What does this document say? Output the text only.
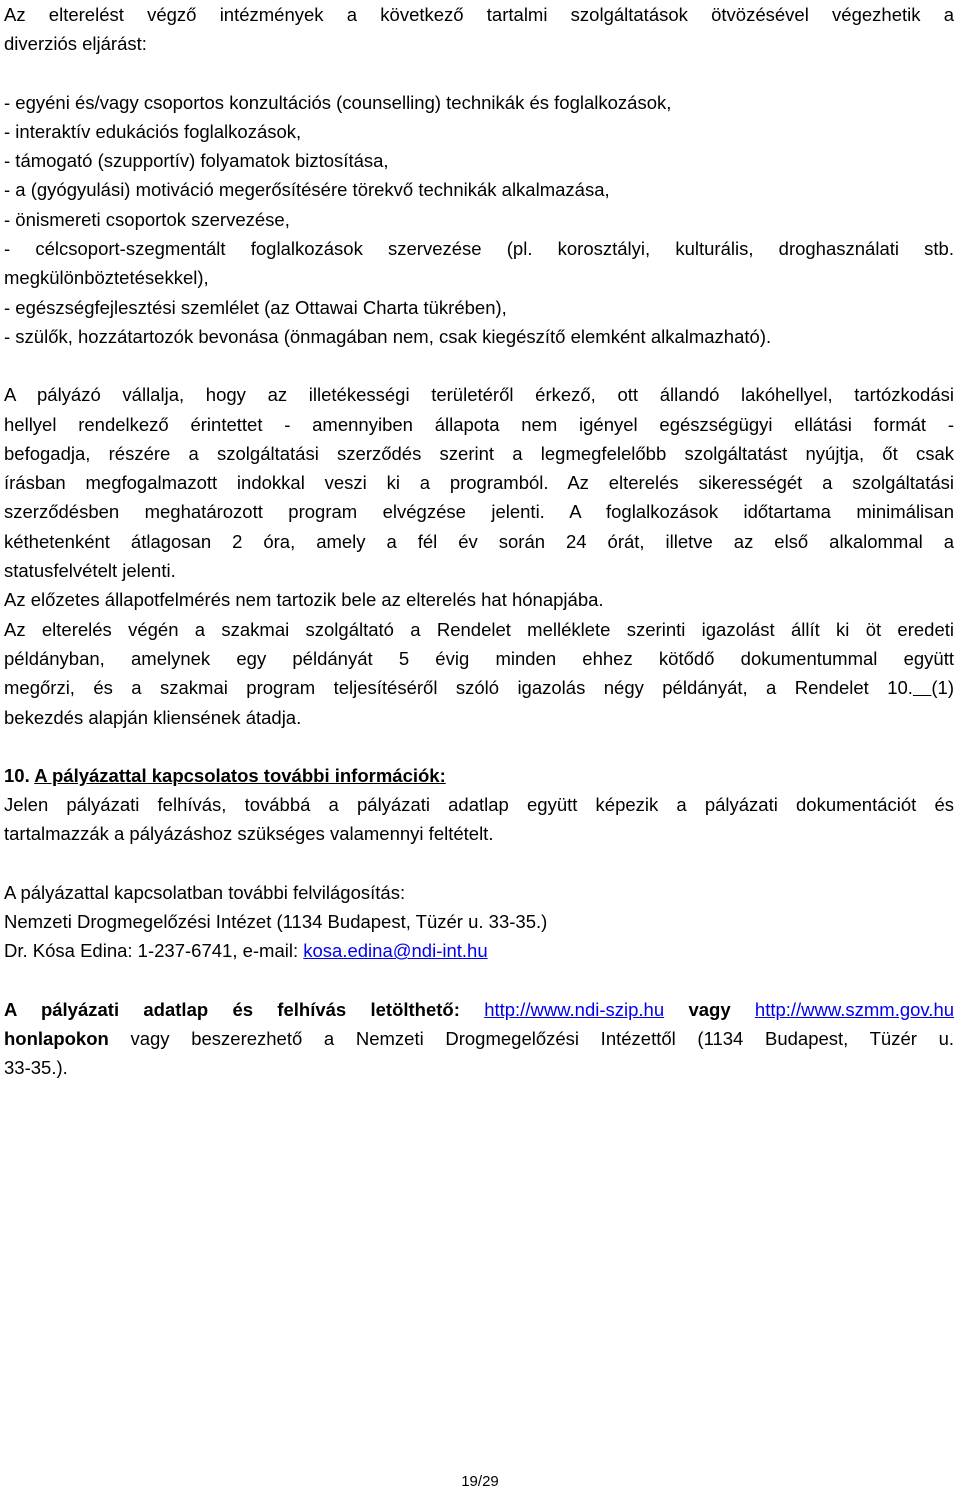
Az elterelést végző intézmények a következő tartalmi szolgáltatások ötvözésével végezhetik a
diverziós eljárást:
- egyéni és/vagy csoportos konzultációs (counselling) technikák és foglalkozások,
- interaktív edukációs foglalkozások,
- támogató (szupportív) folyamatok biztosítása,
- a (gyógyulási) motiváció megerősítésére törekvő technikák alkalmazása,
- önismereti csoportok szervezése,
- célcsoport-szegmentált foglalkozások szervezése (pl. korosztályi, kulturális, droghasználati stb.
megkülönböztetésekkel),
- egészségfejlesztési szemlélet (az Ottawai Charta tükrében),
- szülők, hozzátartozók bevonása (önmagában nem, csak kiegészítő elemként alkalmazható).
A pályázó vállalja, hogy az illetékességi területéről érkező, ott állandó lakóhellyel, tartózkodási
hellyel rendelkező érintettet - amennyiben állapota nem igényel egészségügyi ellátási formát -
befogadja, részére a szolgáltatási szerződés szerint a legmegfelelőbb szolgáltatást nyújtja, őt csak
írásban megfogalmazott indokkal veszi ki a programból. Az elterelés sikerességét a szolgáltatási
szerződésben meghatározott program elvégzése jelenti. A foglalkozások időtartama minimálisan
kéthetenként átlagosan 2 óra, amely a fél év során 24 órát, illetve az első alkalommal a
statusfelvételt jelenti.
Az előzetes állapotfelmérés nem tartozik bele az elterelés hat hónapjába.
Az elterelés végén a szakmai szolgáltató a Rendelet melléklete szerinti igazolást állít ki öt eredeti
példányban, amelynek egy példányát 5 évig minden ehhez kötődő dokumentummal együtt
megőrzi, és a szakmai program teljesítéséről szóló igazolás négy példányát, a Rendelet 10. (1)
bekezdés alapján kliensének átadja.
10. A pályázattal kapcsolatos további információk:
Jelen pályázati felhívás, továbbá a pályázati adatlap együtt képezik a pályázati dokumentációt és
tartalmazzák a pályázáshoz szükséges valamennyi feltételt.
A pályázattal kapcsolatban további felvilágosítás:
Nemzeti Drogmegelőzési Intézet (1134 Budapest, Tüzér u. 33-35.)
Dr. Kósa Edina: 1-237-6741, e-mail: kosa.edina@ndi-int.hu
A pályázati adatlap és felhívás letölthető: http://www.ndi-szip.hu vagy http://www.szmm.gov.hu
honlapokon vagy beszerezhető a Nemzeti Drogmegelőzési Intézettől (1134 Budapest, Tüzér u.
33-35.).
19/29
